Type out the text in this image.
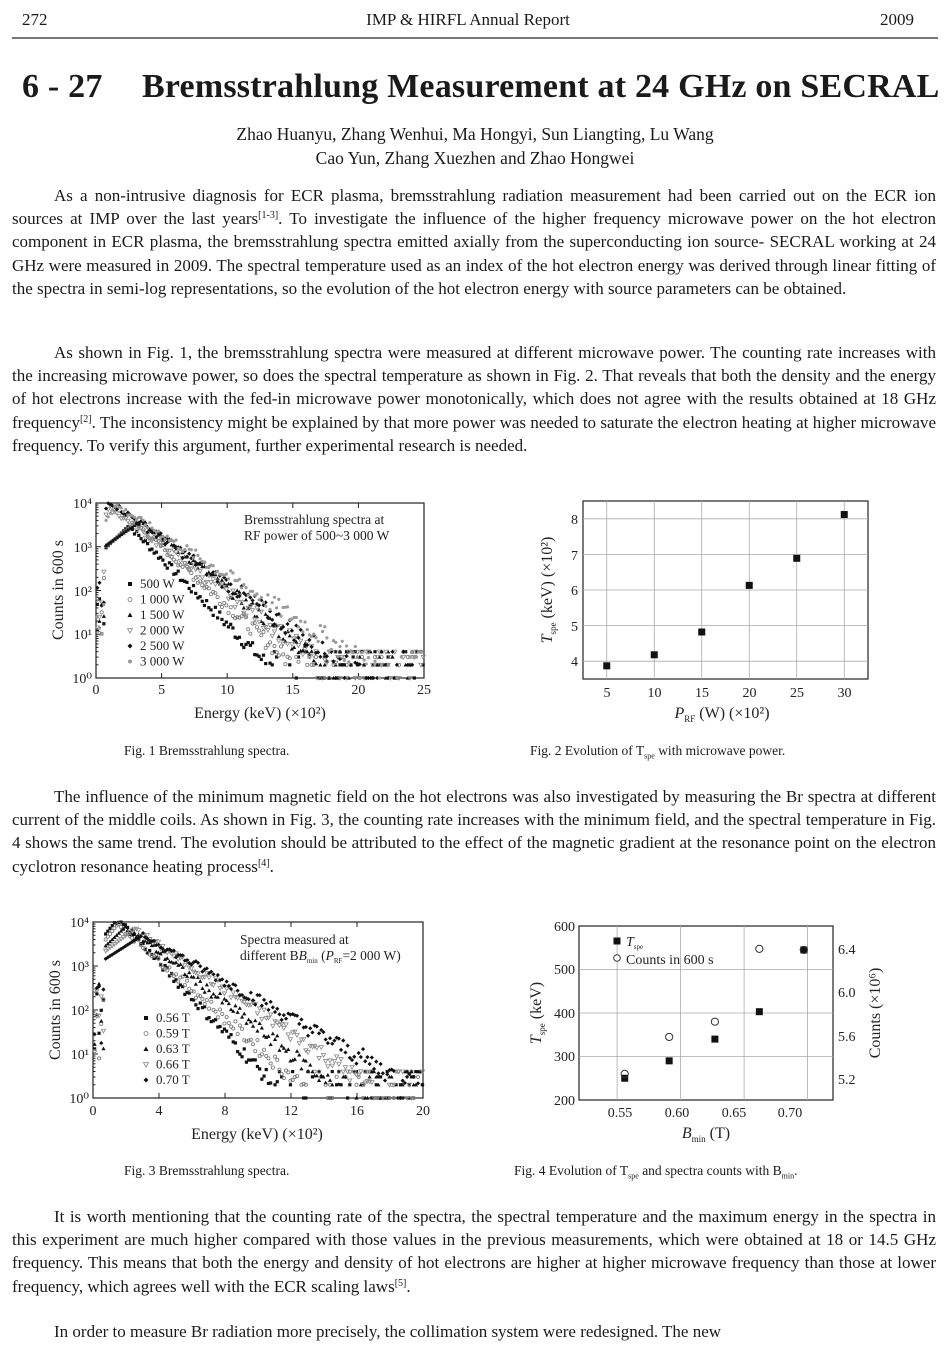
272	IMP & HIRFL Annual Report	2009
6 - 27 Bremsstrahlung Measurement at 24 GHz on SECRAL
Zhao Huanyu, Zhang Wenhui, Ma Hongyi, Sun Liangting, Lu Wang
Cao Yun, Zhang Xuezhen and Zhao Hongwei
As a non-intrusive diagnosis for ECR plasma, bremsstrahlung radiation measurement had been carried out on the ECR ion sources at IMP over the last years[1-3]. To investigate the influence of the higher frequency microwave power on the hot electron component in ECR plasma, the bremsstrahlung spectra emitted axially from the superconducting ion source- SECRAL working at 24 GHz were measured in 2009. The spectral temperature used as an index of the hot electron energy was derived through linear fitting of the spectra in semi-log representations, so the evolution of the hot electron energy with source parameters can be obtained.
As shown in Fig. 1, the bremsstrahlung spectra were measured at different microwave power. The counting rate increases with the increasing microwave power, so does the spectral temperature as shown in Fig. 2. That reveals that both the density and the energy of hot electrons increase with the fed-in microwave power monotonically, which does not agree with the results obtained at 18 GHz frequency[2]. The inconsistency might be explained by that more power was needed to saturate the electron heating at higher microwave frequency. To verify this argument, further experimental research is needed.
0	5	10	15	20	25
10⁰
10¹
10²
10³
10⁴
Energy (keV) (×10²)
Counts in 600 s
Bremsstrahlung spectra at
RF power of 500~3 000 W
500 W
1 000 W
1 500 W
2 000 W
2 500 W
3 000 W
5	10 15 20 25 30
4
5
6
7
8
$P_{RF}$ (W) (×10²)
$T_{spe}$ (keV) (×10²)
Fig. 1 Bremsstrahlung spectra.	Fig. 2 Evolution of $T_{spe}$ with microwave power.
The influence of the minimum magnetic field on the hot electrons was also investigated by measuring the Br spectra at different current of the middle coils. As shown in Fig. 3, the counting rate increases with the minimum field, and the spectral temperature in Fig. 4 shows the same trend. The evolution should be attributed to the effect of the magnetic gradient at the resonance point on the electron cyclotron resonance heating process[4].
0	4	8	12	16	20
10⁰
10¹
10²
10³
10⁴
Energy (keV) (×10²)
Counts in 600 s
Spectra measured at
different $BB_{min}$ ($P_{RF}=2$ 000 W)
0.56 T
0.59 T
0.63 T
0.66 T
0.70 T
0.55 0.60 0.65 0.70
200
300
400
500
600
5.2
5.6
6.0
6.4
$B_{min}$ (T)
$T_{spe}$ (keV)	Counts (×10⁶)
$T_{spe}$
Counts in 600 s
Fig. 3 Bremsstrahlung spectra.	Fig. 4 Evolution of $T_{spe}$ and spectra counts with $B_{min}$.
It is worth mentioning that the counting rate of the spectra, the spectral temperature and the maximum energy in the spectra in this experiment are much higher compared with those values in the previous measurements, which were obtained at 18 or 14.5 GHz frequency. This means that both the energy and density of hot electrons are higher at higher microwave frequency than those at lower frequency, which agrees well with the ECR scaling laws[5].
In order to measure Br radiation more precisely, the collimation system were redesigned. The new
